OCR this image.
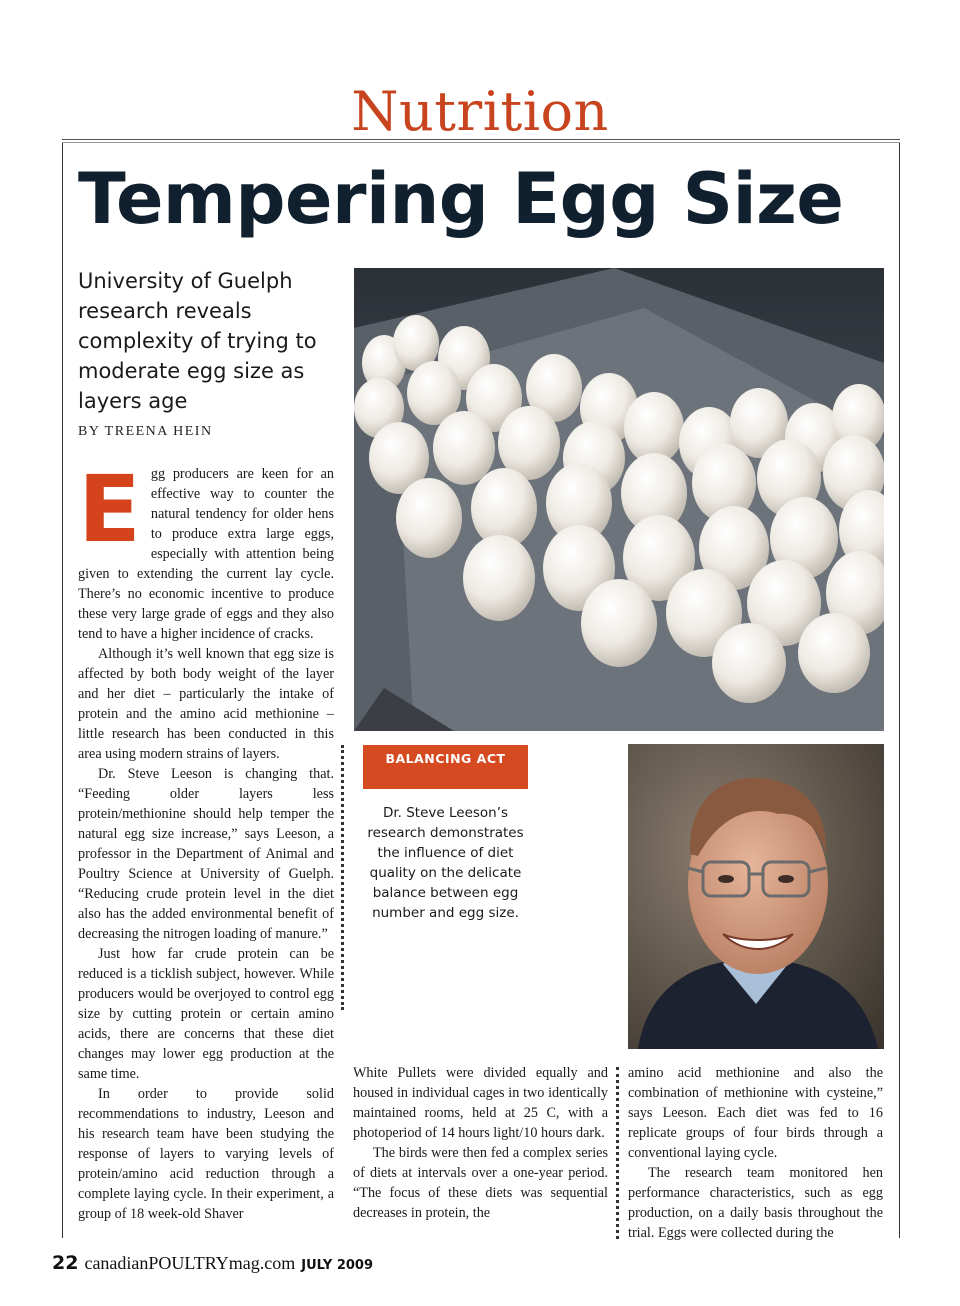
Nutrition
Tempering Egg Size

University of Guelph research reveals complexity of trying to moderate egg size as layers age

BY TREENA HEIN

Egg producers are keen for an effective way to counter the natural tendency for older hens to produce extra large eggs, especially with attention being given to extending the current lay cycle. There’s no economic incentive to produce these very large grade of eggs and they also tend to have a higher incidence of cracks.

Although it’s well known that egg size is affected by both body weight of the layer and her diet – particularly the intake of protein and the amino acid methionine – little research has been conducted in this area using modern strains of layers.

Dr. Steve Leeson is changing that. “Feeding older layers less protein/methionine should help temper the natural egg size increase,” says Leeson, a professor in the Department of Animal and Poultry Science at University of Guelph. “Reducing crude protein level in the diet also has the added environmental benefit of decreasing the nitrogen loading of manure.”

Just how far crude protein can be reduced is a ticklish subject, however. While producers would be overjoyed to control egg size by cutting protein or certain amino acids, there are concerns that these diet changes may lower egg production at the same time.

In order to provide solid recommendations to industry, Leeson and his research team have been studying the response of layers to varying levels of protein/amino acid reduction through a complete laying cycle. In their experiment, a group of 18 week-old Shaver

BALANCING ACT

Dr. Steve Leeson’s research demonstrates the influence of diet quality on the delicate balance between egg number and egg size.

White Pullets were divided equally and housed in individual cages in two identically maintained rooms, held at 25 C, with a photoperiod of 14 hours light/10 hours dark.

The birds were then fed a complex series of diets at intervals over a one-year period. “The focus of these diets was sequential decreases in protein, the

amino acid methionine and also the combination of methionine with cysteine,” says Leeson. Each diet was fed to 16 replicate groups of four birds through a conventional laying cycle.

The research team monitored hen performance characteristics, such as egg production, on a daily basis throughout the trial. Eggs were collected during the

22 canadianPOULTRYmag.com JULY 2009
